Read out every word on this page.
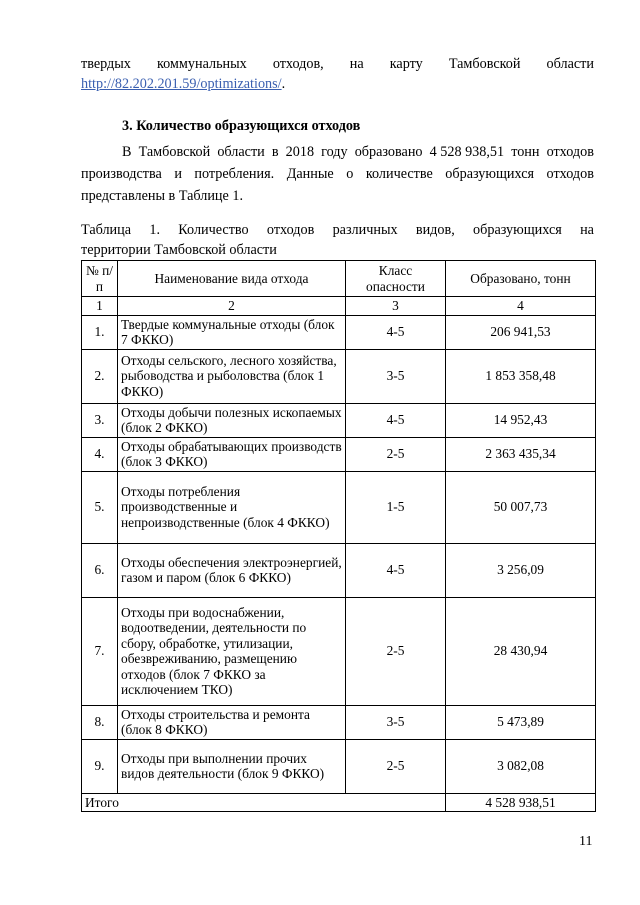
твердых коммунальных отходов, на карту Тамбовской области
http://82.202.201.59/optimizations/.
3. Количество образующихся отходов
В Тамбовской области в 2018 году образовано 4 528 938,51 тонн отходов
производства и потребления. Данные о количестве образующихся отходов
представлены в Таблице 1.
Таблица 1. Количество отходов различных видов, образующихся на
территории Тамбовской области
№ п/п	Наименование вида отхода	Класс опасности	Образовано, тонн
1	2	3	4
1.	Твердые коммунальные отходы (блок 7 ФККО)	4-5	206 941,53
2.	Отходы сельского, лесного хозяйства, рыбоводства и рыболовства (блок 1 ФККО)	3-5	1 853 358,48
3.	Отходы добычи полезных ископаемых (блок 2 ФККО)	4-5	14 952,43
4.	Отходы обрабатывающих производств (блок 3 ФККО)	2-5	2 363 435,34
5.	Отходы потребления производственные и непроизводственные (блок 4 ФККО)	1-5	50 007,73
6.	Отходы обеспечения электроэнергией, газом и паром (блок 6 ФККО)	4-5	3 256,09
7.	Отходы при водоснабжении, водоотведении, деятельности по сбору, обработке, утилизации, обезвреживанию, размещению отходов (блок 7 ФККО за исключением ТКО)	2-5	28 430,94
8.	Отходы строительства и ремонта (блок 8 ФККО)	3-5	5 473,89
9.	Отходы при выполнении прочих видов деятельности (блок 9 ФККО)	2-5	3 082,08
Итого			4 528 938,51
11
